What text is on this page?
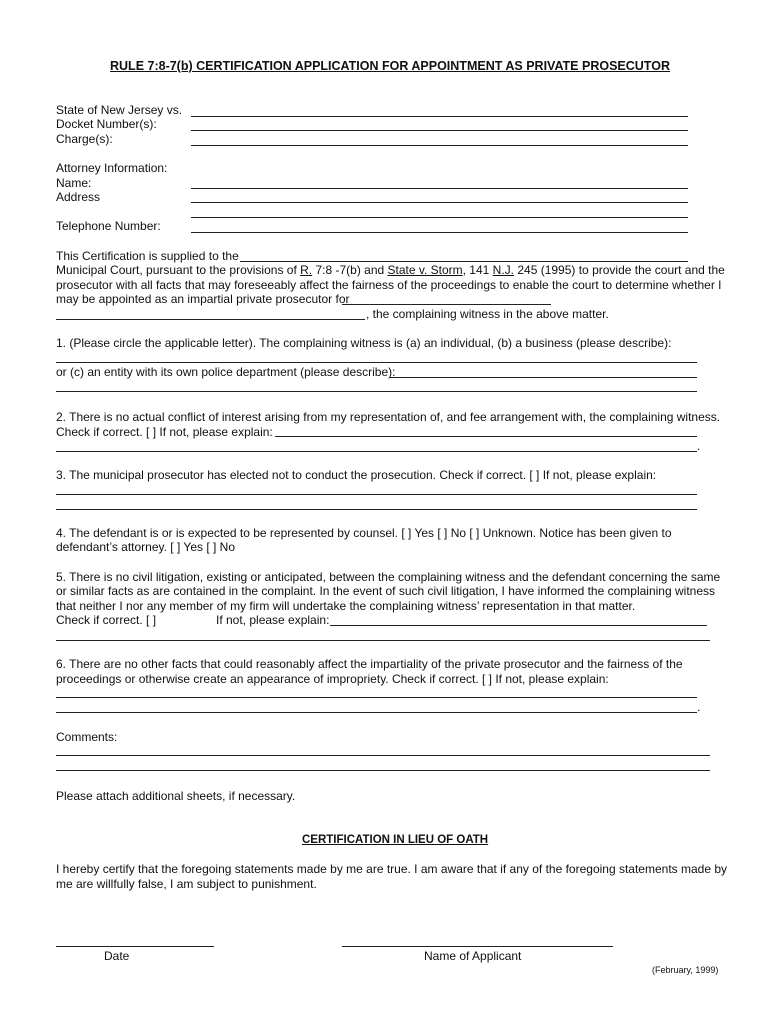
RULE 7:8-7(b) CERTIFICATION APPLICATION FOR APPOINTMENT AS PRIVATE PROSECUTOR
State of New Jersey vs.
Docket Number(s):
Charge(s):
Attorney Information:
Name:
Address
Telephone Number:
This Certification is supplied to the
Municipal Court, pursuant to the provisions of R. 7:8 -7(b) and State v. Storm, 141 N.J. 245 (1995) to provide the court and the
prosecutor with all facts that may foreseeably affect the fairness of the proceedings to enable the court to determine whether I
may be appointed as an impartial private prosecutor for
, the complaining witness in the above matter.
1. (Please circle the applicable letter). The complaining witness is (a) an individual, (b) a business (please describe):
or (c) an entity with its own police department (please describe):
2. There is no actual conflict of interest arising from my representation of, and fee arrangement with, the complaining witness.
Check if correct. [ ] If not, please explain:
.
3. The municipal prosecutor has elected not to conduct the prosecution. Check if correct. [ ] If not, please explain:
4. The defendant is or is expected to be represented by counsel. [ ] Yes [ ] No [ ] Unknown. Notice has been given to
defendant’s attorney. [ ] Yes [ ] No
5. There is no civil litigation, existing or anticipated, between the complaining witness and the defendant concerning the same
or similar facts as are contained in the complaint. In the event of such civil litigation, I have informed the complaining witness
that neither I nor any member of my firm will undertake the complaining witness’ representation in that matter.
Check if correct. [ ]	If not, please explain:
6. There are no other facts that could reasonably affect the impartiality of the private prosecutor and the fairness of the
proceedings or otherwise create an appearance of impropriety. Check if correct. [ ] If not, please explain:
.
Comments:
Please attach additional sheets, if necessary.
CERTIFICATION IN LIEU OF OATH
I hereby certify that the foregoing statements made by me are true. I am aware that if any of the foregoing statements made by
me are willfully false, I am subject to punishment.
Date	Name of Applicant
(February, 1999)
